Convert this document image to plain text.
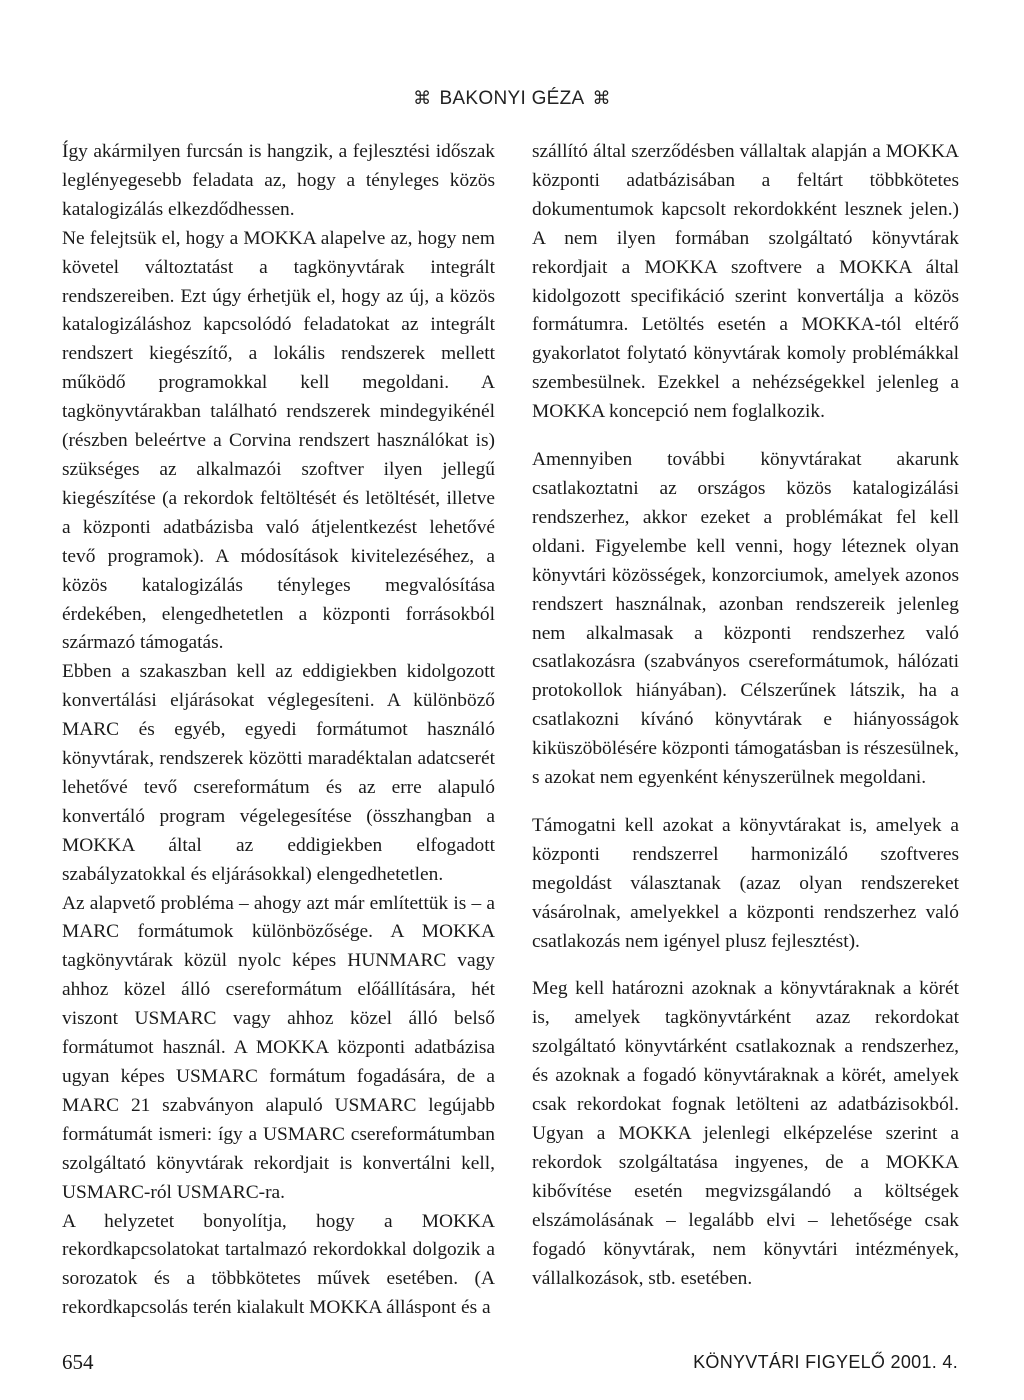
⌘ BAKONYI GÉZA ⌘

Így akármilyen furcsán is hangzik, a fejlesztési időszak leglényegesebb feladata az, hogy a tényleges közös katalogizálás elkezdődhessen.

Ne felejtsük el, hogy a MOKKA alapelve az, hogy nem követel változtatást a tagkönyvtárak integrált rendszereiben. Ezt úgy érhetjük el, hogy az új, a közös katalogizáláshoz kapcsolódó feladatokat az integrált rendszert kiegészítő, a lokális rendszerek mellett működő programokkal kell megoldani. A tagkönyvtárakban található rendszerek mindegyikénél (részben beleértve a Corvina rendszert használókat is) szükséges az alkalmazói szoftver ilyen jellegű kiegészítése (a rekordok feltöltését és letöltését, illetve a központi adatbázisba való átjelentkezést lehetővé tevő programok). A módosítások kivitelezéséhez, a közös katalogizálás tényleges megvalósítása érdekében, elengedhetetlen a központi forrásokból származó támogatás.

Ebben a szakaszban kell az eddigiekben kidolgozott konvertálási eljárásokat véglegesíteni. A különböző MARC és egyéb, egyedi formátumot használó könyvtárak, rendszerek közötti maradéktalan adatcserét lehetővé tevő csereformátum és az erre alapuló konvertáló program végelegesítése (összhangban a MOKKA által az eddigiekben elfogadott szabályzatokkal és eljárásokkal) elengedhetetlen.

Az alapvető probléma – ahogy azt már említettük is – a MARC formátumok különbözősége. A MOKKA tagkönyvtárak közül nyolc képes HUNMARC vagy ahhoz közel álló csereformátum előállítására, hét viszont USMARC vagy ahhoz közel álló belső formátumot használ. A MOKKA központi adatbázisa ugyan képes USMARC formátum fogadására, de a MARC 21 szabványon alapuló USMARC legújabb formátumát ismeri: így a USMARC csereformátumban szolgáltató könyvtárak rekordjait is konvertálni kell, USMARC-ról USMARC-ra.

A helyzetet bonyolítja, hogy a MOKKA rekordkapcsolatokat tartalmazó rekordokkal dolgozik a sorozatok és a többkötetes művek esetében. (A rekordkapcsolás terén kialakult MOKKA álláspont és a

szállító által szerződésben vállaltak alapján a MOKKA központi adatbázisában a feltárt többkötetes dokumentumok kapcsolt rekordokként lesznek jelen.) A nem ilyen formában szolgáltató könyvtárak rekordjait a MOKKA szoftvere a MOKKA által kidolgozott specifikáció szerint konvertálja a közös formátumra. Letöltés esetén a MOKKA-tól eltérő gyakorlatot folytató könyvtárak komoly problémákkal szembesülnek. Ezekkel a nehézségekkel jelenleg a MOKKA koncepció nem foglalkozik.

Amennyiben további könyvtárakat akarunk csatlakoztatni az országos közös katalogizálási rendszerhez, akkor ezeket a problémákat fel kell oldani. Figyelembe kell venni, hogy léteznek olyan könyvtári közösségek, konzorciumok, amelyek azonos rendszert használnak, azonban rendszereik jelenleg nem alkalmasak a központi rendszerhez való csatlakozásra (szabványos csereformátumok, hálózati protokollok hiányában). Célszerűnek látszik, ha a csatlakozni kívánó könyvtárak e hiányosságok kiküszöbölésére központi támogatásban is részesülnek, s azokat nem egyenként kényszerülnek megoldani.

Támogatni kell azokat a könyvtárakat is, amelyek a központi rendszerrel harmonizáló szoftveres megoldást választanak (azaz olyan rendszereket vásárolnak, amelyekkel a központi rendszerhez való csatlakozás nem igényel plusz fejlesztést).

Meg kell határozni azoknak a könyvtáraknak a körét is, amelyek tagkönyvtárként azaz rekordokat szolgáltató könyvtárként csatlakoznak a rendszerhez, és azoknak a fogadó könyvtáraknak a körét, amelyek csak rekordokat fognak letölteni az adatbázisokból. Ugyan a MOKKA jelenlegi elképzelése szerint a rekordok szolgáltatása ingyenes, de a MOKKA kibővítése esetén megvizsgálandó a költségek elszámolásának – legalább elvi – lehetősége csak fogadó könyvtárak, nem könyvtári intézmények, vállalkozások, stb. esetében.

654	KÖNYVTÁRI FIGYELŐ 2001. 4.
